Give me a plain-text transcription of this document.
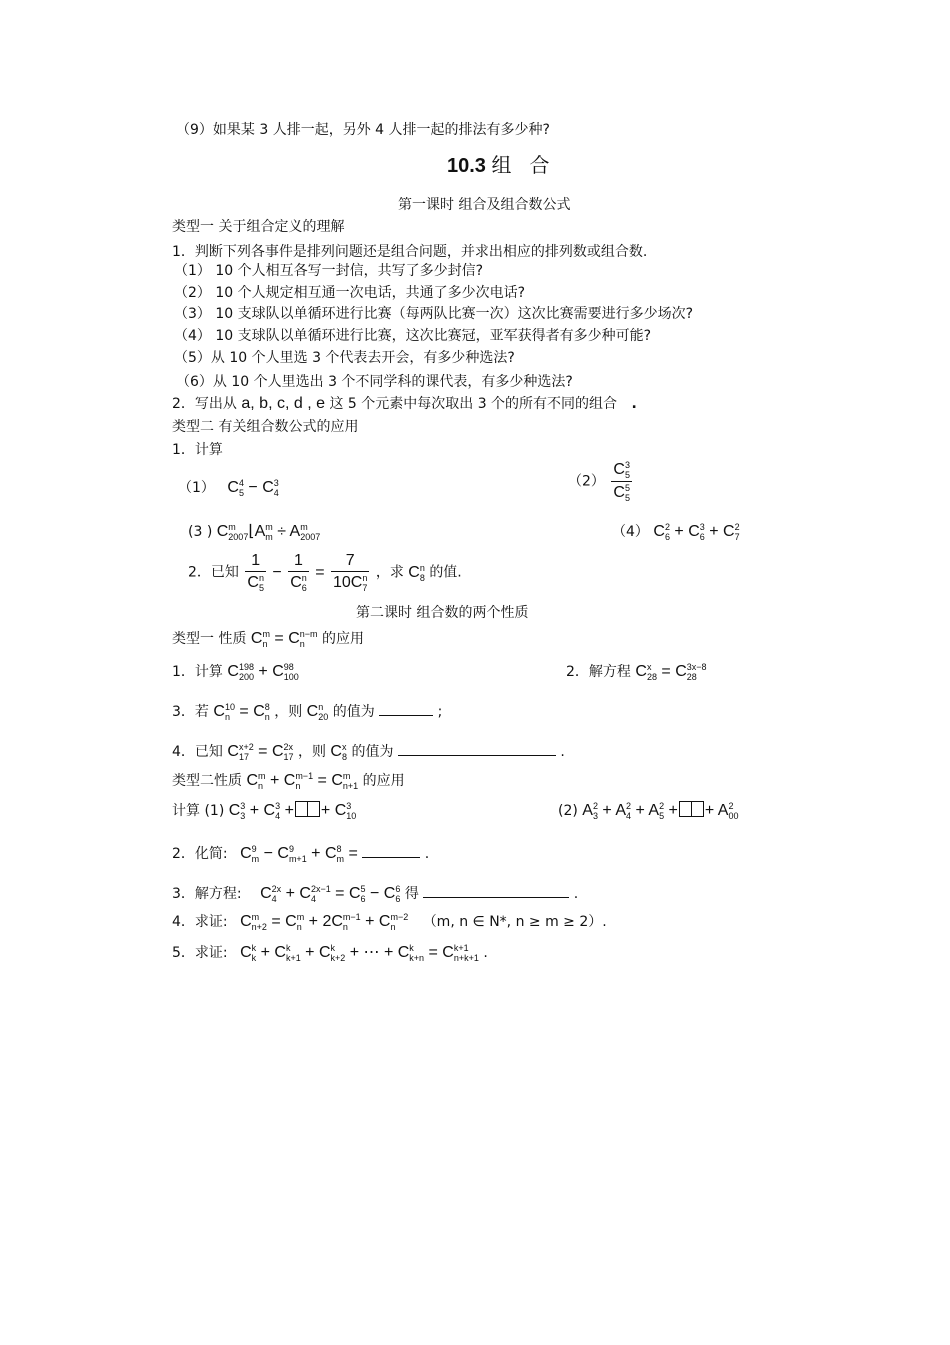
（9）如果某 3 人排一起，另外 4 人排一起的排法有多少种?
10.3 组合
第一课时 组合及组合数公式
类型一 关于组合定义的理解
1．判断下列各事件是排列问题还是组合问题，并求出相应的排列数或组合数.
（1） 10 个人相互各写一封信，共写了多少封信?
（2） 10 个人规定相互通一次电话，共通了多少次电话?
（3） 10 支球队以单循环进行比赛（每两队比赛一次）这次比赛需要进行多少场次?
（4） 10 支球队以单循环进行比赛，这次比赛冠，亚军获得者有多少种可能?
（5）从 10 个人里选 3 个代表去开会，有多少种选法?
（6）从 10 个人里选出 3 个不同学科的课代表，有多少种选法?
2．写出从 a, b, c, d , e 这 5 个元素中每次取出 3 个的所有不同的组合 .
类型二 有关组合数公式的应用
1．计算
（1） C 4
5 − C 3
4
（2） C 3
5
C 5
5
(3 ) C m
2007 ⌊A m
m ÷ A m
2007	（4） C 2
6 + C 3
6 + C 2
7
2．已知 1
C n
5 − 1
C n
6 = 7
10C n
7 ，求 C n
8 的值.
第二课时 组合数的两个性质
类型一 性质 C m
n = C n−m
n	的应用
1．计算 C 198
200 + C 98
100	2．解方程 C x
28 = C 3x−8
28
3．若 C 10
n = C 8
n ，则 C n
20 的值为	;
4．已知 C x+2
17 = C 2x
17 ，则 C x
8 的值为	.
类型二性质 C m
n + C m−1
n = C m
n+1 的应用
计算 (1) C 3
3 + C 3
4 + + C 3
10	(2) A 2
3 + A 2
4 + A 2
5 + + A 2
00
2．化简: C 9
m − C 9
m+1 + C 8
m =	.
3．解方程: C 2x
4 + C 2x−1
4 = C 5
6 − C 6
6 得	.
4．求证: C m
n+2 = C m
n + 2C m−1
n + C m−2
n	（m, n ∈ N*, n ≥ m ≥ 2）.
5．求证: C k
k + C k
k+1 + C k
k+2 + ⋯ + C k
k+n = C k+1
n+k+1 .
